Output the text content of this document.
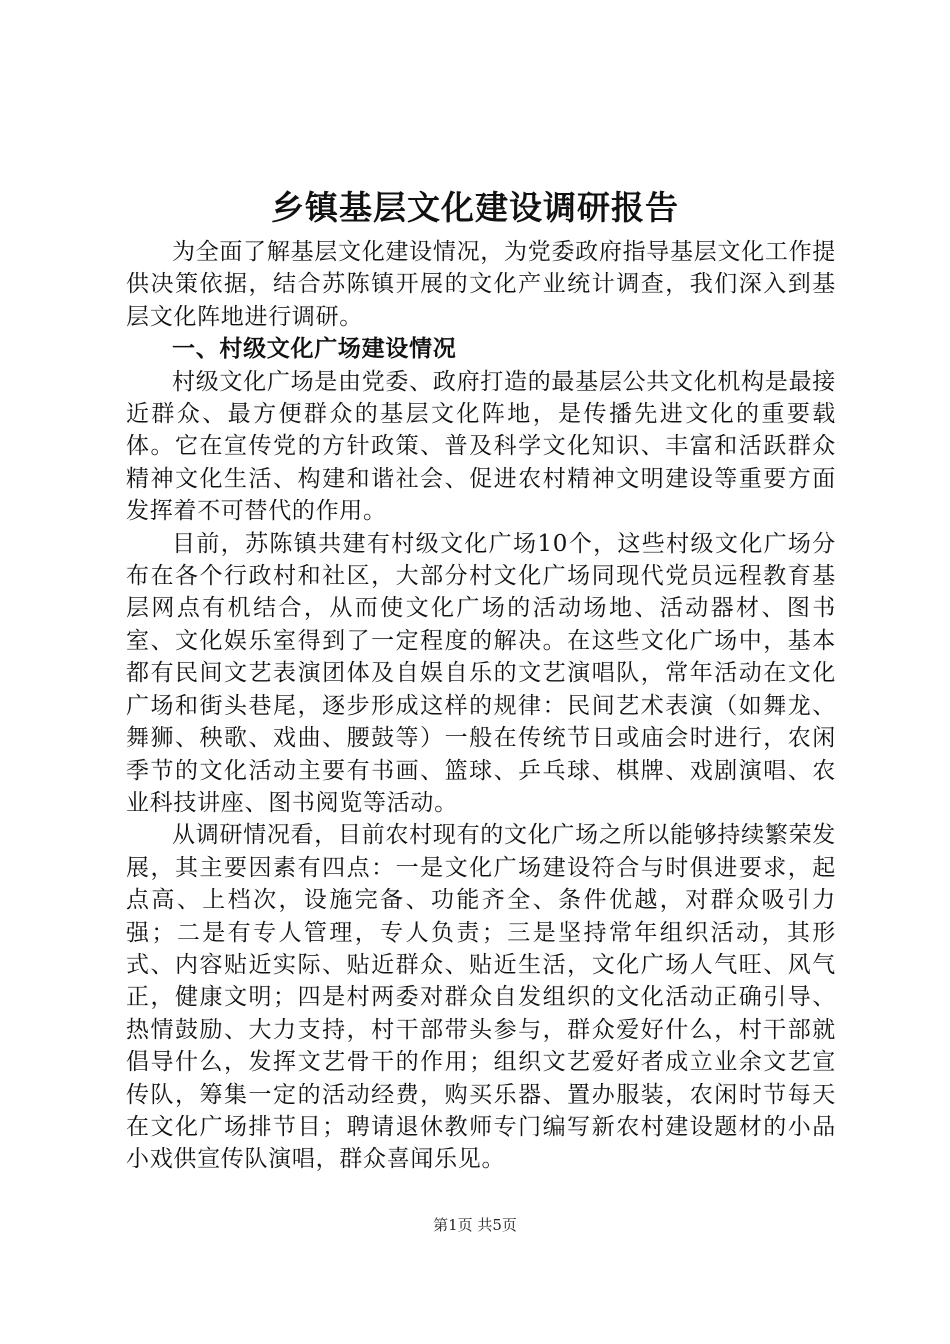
乡镇基层文化建设调研报告

为全面了解基层文化建设情况，为党委政府指导基层文化工作提供决策依据，结合苏陈镇开展的文化产业统计调查，我们深入到基层文化阵地进行调研。

一、村级文化广场建设情况

村级文化广场是由党委、政府打造的最基层公共文化机构是最接近群众、最方便群众的基层文化阵地，是传播先进文化的重要载体。它在宣传党的方针政策、普及科学文化知识、丰富和活跃群众精神文化生活、构建和谐社会、促进农村精神文明建设等重要方面发挥着不可替代的作用。

目前，苏陈镇共建有村级文化广场10个，这些村级文化广场分布在各个行政村和社区，大部分村文化广场同现代党员远程教育基层网点有机结合，从而使文化广场的活动场地、活动器材、图书室、文化娱乐室得到了一定程度的解决。在这些文化广场中，基本都有民间文艺表演团体及自娱自乐的文艺演唱队，常年活动在文化广场和街头巷尾，逐步形成这样的规律：民间艺术表演（如舞龙、舞狮、秧歌、戏曲、腰鼓等）一般在传统节日或庙会时进行，农闲季节的文化活动主要有书画、篮球、乒乓球、棋牌、戏剧演唱、农业科技讲座、图书阅览等活动。

从调研情况看，目前农村现有的文化广场之所以能够持续繁荣发展，其主要因素有四点：一是文化广场建设符合与时俱进要求，起点高、上档次，设施完备、功能齐全、条件优越，对群众吸引力强；二是有专人管理，专人负责；三是坚持常年组织活动，其形式、内容贴近实际、贴近群众、贴近生活，文化广场人气旺、风气正，健康文明；四是村两委对群众自发组织的文化活动正确引导、热情鼓励、大力支持，村干部带头参与，群众爱好什么，村干部就倡导什么，发挥文艺骨干的作用；组织文艺爱好者成立业余文艺宣传队，筹集一定的活动经费，购买乐器、置办服装，农闲时节每天在文化广场排节目；聘请退休教师专门编写新农村建设题材的小品小戏供宣传队演唱，群众喜闻乐见。

第1页 共5页
